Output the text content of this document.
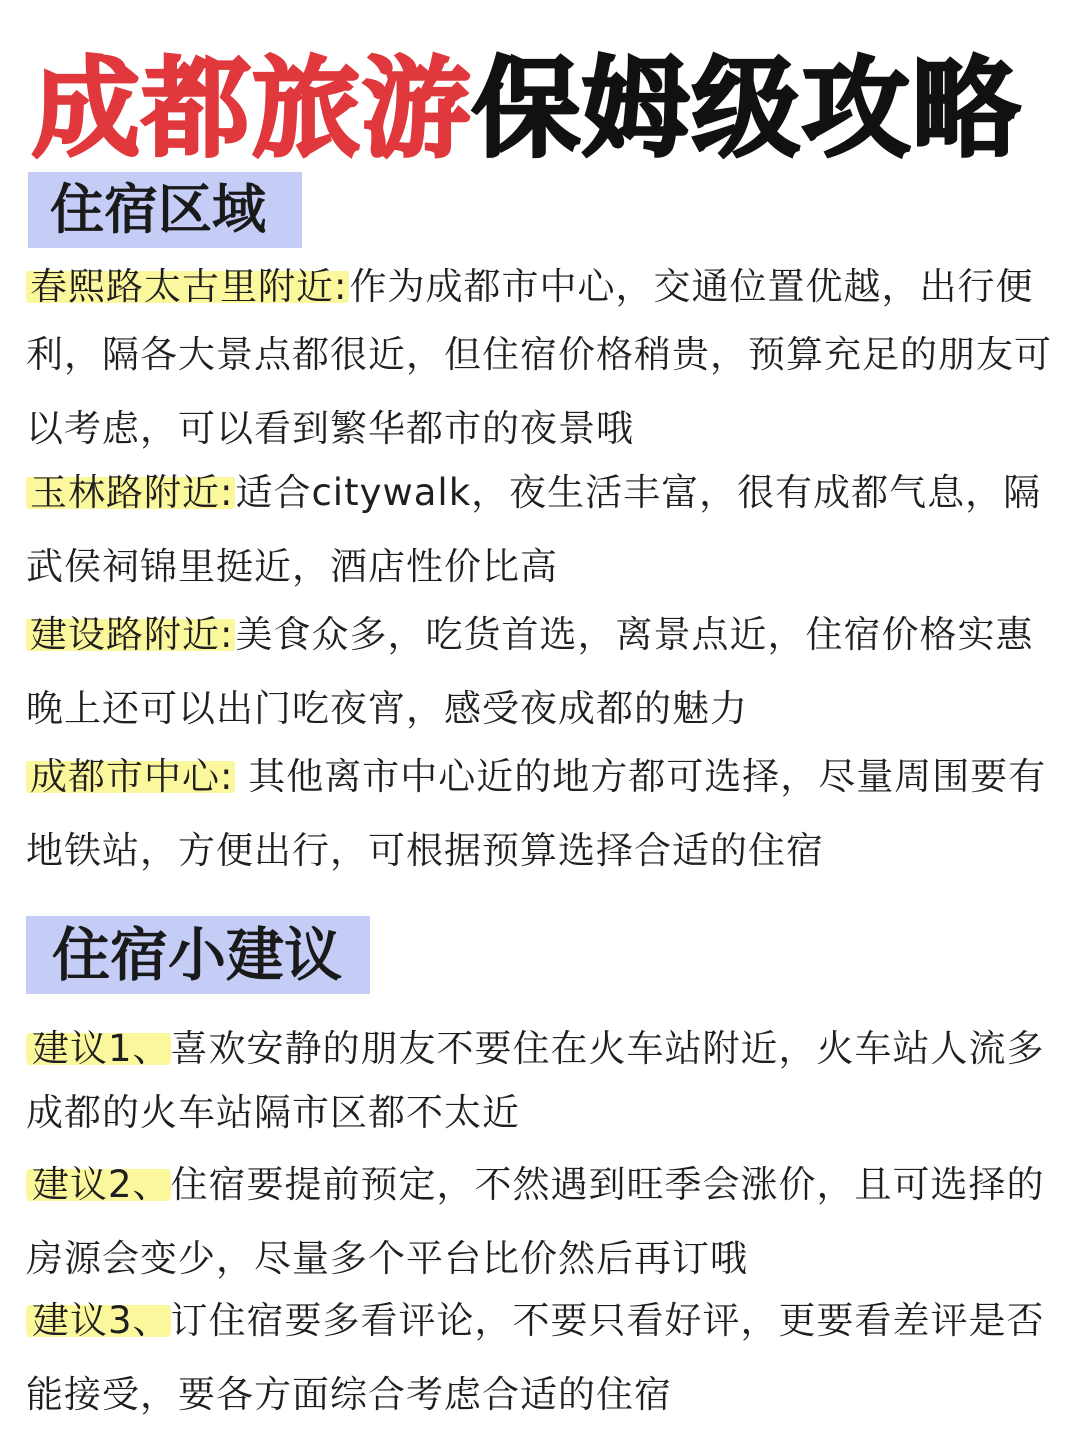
成都旅游保姆级攻略
住宿区域
春熙路太古里附近:作为成都市中心，交通位置优越，出行便
利，隔各大景点都很近，但住宿价格稍贵，预算充足的朋友可
以考虑，可以看到繁华都市的夜景哦
玉林路附近:适合citywalk，夜生活丰富，很有成都气息，隔
武侯祠锦里挺近，酒店性价比高
建设路附近:美食众多，吃货首选，离景点近，住宿价格实惠
晚上还可以出门吃夜宵，感受夜成都的魅力
成都市中心: 其他离市中心近的地方都可选择，尽量周围要有
地铁站，方便出行，可根据预算选择合适的住宿
住宿小建议
建议1、喜欢安静的朋友不要住在火车站附近，火车站人流多
成都的火车站隔市区都不太近
建议2、住宿要提前预定，不然遇到旺季会涨价，且可选择的
房源会变少，尽量多个平台比价然后再订哦
建议3、订住宿要多看评论，不要只看好评，更要看差评是否
能接受，要各方面综合考虑合适的住宿
